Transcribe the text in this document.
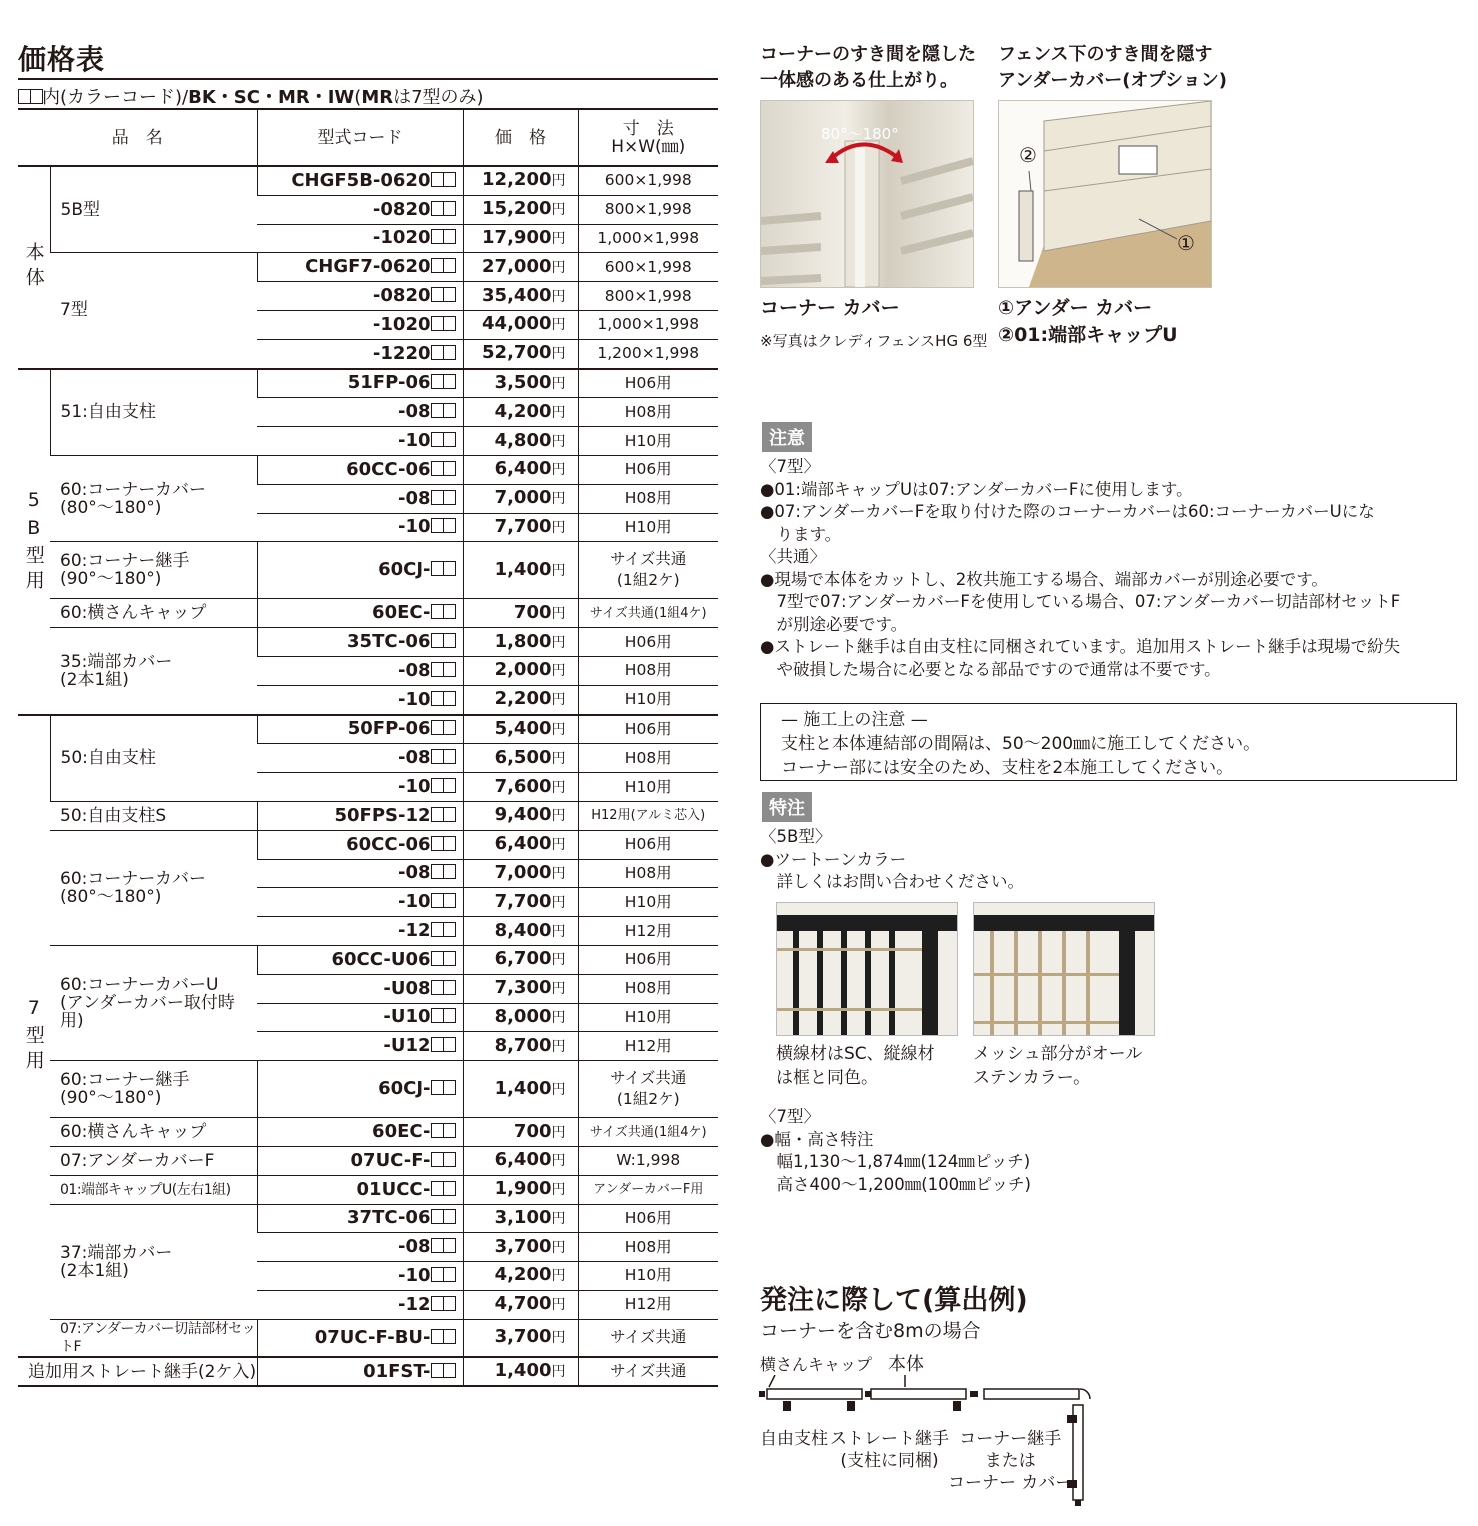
価格表
内(カラーコード)/BK・SC・MR・IW(MRは7型のみ)
品　名		型式コード	価　格	寸　法
H×W(㎜)

本体	5B型	CHGF5B-0620	12,200円	600×1,998
		-0820	15,200円	800×1,998
		-1020	17,900円	1,000×1,998
	7型	CHGF7-0620	27,000円	600×1,998
		-0820	35,400円	800×1,998
		-1020	44,000円	1,000×1,998
		-1220	52,700円	1,200×1,998
5B型用	51:自由支柱	51FP-06	3,500円	H06用
		-08	4,200円	H08用
		-10	4,800円	H10用
	60:コーナーカバー
(80°〜180°)	60CC-06	6,400円	H06用
		-08	7,000円	H08用
		-10	7,700円	H10用
	60:コーナー継手
(90°〜180°)	60CJ-	1,400円	サイズ共通
(1組2ケ)
	60:横さんキャップ	60EC-	700円	サイズ共通(1組4ケ)
	35:端部カバー
(2本1組)	35TC-06	1,800円	H06用
		-08	2,000円	H08用
		-10	2,200円	H10用
7型用	50:自由支柱	50FP-06	5,400円	H06用
		-08	6,500円	H08用
		-10	7,600円	H10用
	50:自由支柱S	50FPS-12	9,400円	H12用(アルミ芯入)
	60:コーナーカバー
(80°〜180°)	60CC-06	6,400円	H06用
		-08	7,000円	H08用
		-10	7,700円	H10用
		-12	8,400円	H12用
	60:コーナーカバーU
(アンダーカバー取付時用)	60CC-U06	6,700円	H06用
		-U08	7,300円	H08用
		-U10	8,000円	H10用
		-U12	8,700円	H12用
	60:コーナー継手
(90°〜180°)	60CJ-	1,400円	サイズ共通
(1組2ケ)
	60:横さんキャップ	60EC-	700円	サイズ共通(1組4ケ)
	07:アンダーカバーF	07UC-F-	6,400円	W:1,998
	01:端部キャップU(左右1組)	01UCC-	1,900円	アンダーカバーF用
	37:端部カバー
(2本1組)	37TC-06	3,100円	H06用
		-08	3,700円	H08用
		-10	4,200円	H10用
		-12	4,700円	H12用
	07:アンダーカバー切詰部材セットF	07UC-F-BU-	3,700円	サイズ共通
追加用ストレート継手(2ケ入)		01FST-	1,400円	サイズ共通
コーナーのすき間を隠した
一体感のある仕上がり。
80°〜180°
コーナー カバー
※写真はクレディフェンスHG 6型
フェンス下のすき間を隠す
アンダーカバー(オプション)
①
②
①アンダー カバー
②01:端部キャップU
注意
〈7型〉
●01:端部キャップUは07:アンダーカバーFに使用します。
●07:アンダーカバーFを取り付けた際のコーナーカバーは60:コーナーカバーUにな
　ります。
〈共通〉
●現場で本体をカットし、2枚共施工する場合、端部カバーが別途必要です。
　7型で07:アンダーカバーFを使用している場合、07:アンダーカバー切詰部材セットF
　が別途必要です。
●ストレート継手は自由支柱に同梱されています。追加用ストレート継手は現場で紛失
　や破損した場合に必要となる部品ですので通常は不要です。
— 施工上の注意 —
支柱と本体連結部の間隔は、50〜200㎜に施工してください。
コーナー部には安全のため、支柱を2本施工してください。
特注
〈5B型〉
●ツートーンカラー
　詳しくはお問い合わせください。
横線材はSC、縦線材
は框と同色。
メッシュ部分がオール
ステンカラー。
〈7型〉
●幅・高さ特注
　幅1,130〜1,874㎜(124㎜ピッチ)
　高さ400〜1,200㎜(100㎜ピッチ)
発注に際して(算出例)
コーナーを含む8mの場合
横さんキャップ 本体
自由支柱 ストレート継手
(支柱に同梱)
コーナー継手
または
コーナー カバー
